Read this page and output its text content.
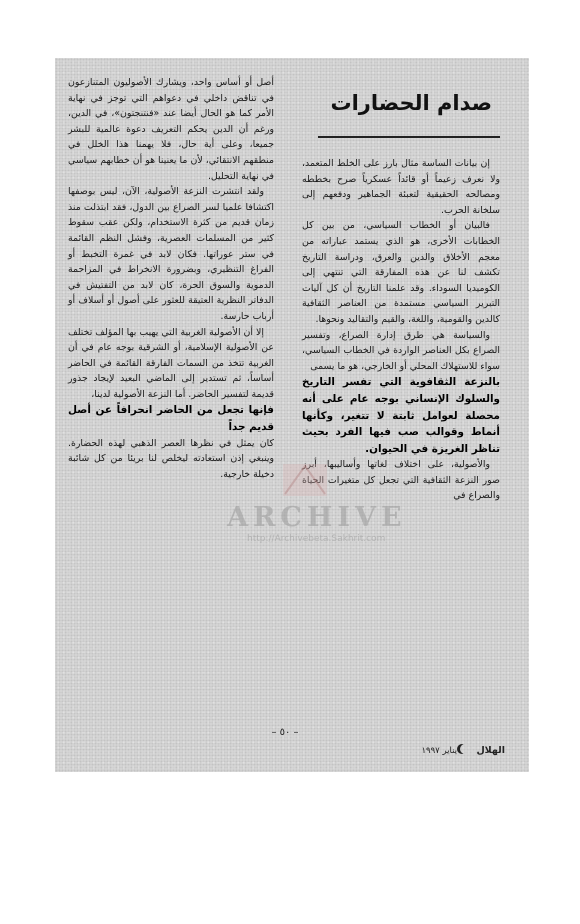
صدام الحضارات

إن بيانات الساسة مثال بارز على الخلط المتعمد، ولا نعرف زعيماً أو قائداً عسكرياً صرح بخططه ومصالحه الحقيقية لتعبئة الجماهير ودفعهم إلى سلخانة الحرب.

فالبيان أو الخطاب السياسي، من بين كل الخطابات الأخرى، هو الذي يستمد عباراته من معجم الأخلاق والدين والعرق، ودراسة التاريخ تكشف لنا عن هذه المفارقة التي تنتهي إلى الكوميديا السوداء. وقد علمنا التاريخ أن كل آليات التبرير السياسي مستمدة من العناصر الثقافية كالدين والقومية، واللغة، والقيم والتقاليد ونحوها.

والسياسة هي طرق إدارة الصراع، وتفسير الصراع بكل العناصر الواردة في الخطاب السياسي، سواء للاستهلاك المحلي أو الخارجي، هو ما يسمى

بالنزعة الثقافوية التي تفسر التاريخ والسلوك الإنساني بوجه عام على أنه محصلة لعوامل ثابتة لا تتغير، وكأنها أنماط وقوالب صب فيها الفرد بحيث تناظر الغريزة في الحيوان.

والأصولية، على اختلاف لغاتها وأساليبها، أبرز صور النزعة الثقافية التي تجعل كل متغيرات الحياة والصراع في

أصل أو أساس واحد، ويشارك الأصوليون المتنازعون في تناقض داخلي في دعواهم التي توجز في نهاية الأمر كما هو الحال أيضا عند «فنتنجتون»، في الدين، ورغم أن الدين يحكم التعريف دعوة عالمية للبشر جميعا، وعلى أية حال، فلا يهمنا هذا الخلل في منطقهم الانتقائي، لأن ما يعنينا هو أن خطابهم سياسي في نهاية التحليل.

ولقد انتشرت النزعة الأصولية، الآن، ليس بوصفها اكتشافا علميا لسر الصراع بين الدول، فقد ابتذلت منذ زمان قديم من كثرة الاستخدام، ولكن عقب سقوط كثير من المسلمات العصرية، وفشل النظم القائمة في ستر عوراتها. فكان لابد في غمرة التخبط أو الفراغ التنظيري، وبضرورة الانخراط في المزاحمة الدموية والسوق الحرة، كان لابد من التفتيش في الدفاتر النظرية العتيقة للعثور على أصول أو أسلاف أو أرباب حارسة.

إلا أن الأصولية الغربية التي يهيب بها المؤلف تختلف عن الأصولية الإسلامية، أو الشرقية بوجه عام في أن الغربية تتخذ من السمات الفارقة القائمة في الحاضر أساساً، ثم تستدير إلى الماضي البعيد لإيجاد جذور قديمة لتفسير الحاضر. أما النزعة الأصولية لدينا،

فإنها تجعل من الحاضر انحرافاً عن أصل قديم جداً

كان يمثل في نظرها العصر الذهبي لهذه الحضارة. وينبغي إذن استعادته ليخلص لنا بريئا من كل شائبة دخيلة خارجية.

ARCHIVE
http://Archivebeta.Sakhrit.com
– ٥٠ –
الهلال  يناير ١٩٩٧
